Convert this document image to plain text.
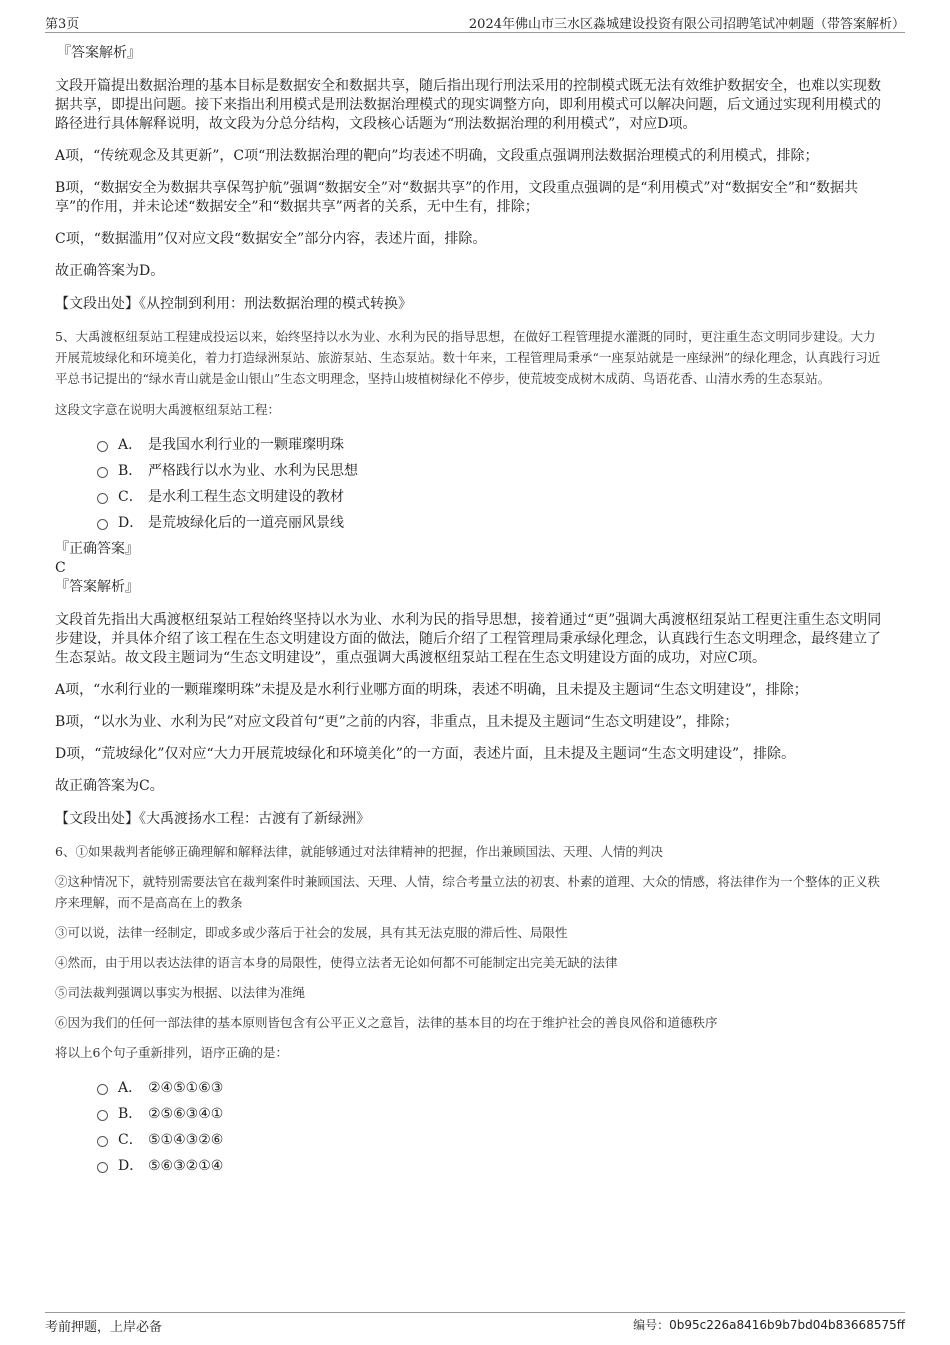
第3页	2024年佛山市三水区淼城建设投资有限公司招聘笔试冲刺题（带答案解析）

『答案解析』

文段开篇提出数据治理的基本目标是数据安全和数据共享，随后指出现行刑法采用的控制模式既无法有效维护数据安全，也难以实现数据共享，即提出问题。接下来指出利用模式是刑法数据治理模式的现实调整方向，即利用模式可以解决问题，后文通过实现利用模式的路径进行具体解释说明，故文段为分总分结构，文段核心话题为“刑法数据治理的利用模式”，对应D项。

A项，“传统观念及其更新”，C项“刑法数据治理的靶向”均表述不明确，文段重点强调刑法数据治理模式的利用模式，排除；

B项，“数据安全为数据共享保驾护航”强调“数据安全”对“数据共享”的作用，文段重点强调的是“利用模式”对“数据安全”和“数据共享”的作用，并未论述“数据安全”和“数据共享”两者的关系，无中生有，排除；

C项，“数据滥用”仅对应文段“数据安全”部分内容，表述片面，排除。

故正确答案为D。

【文段出处】《从控制到利用：刑法数据治理的模式转换》

5、大禹渡枢纽泵站工程建成投运以来，始终坚持以水为业、水利为民的指导思想，在做好工程管理提水灌溉的同时，更注重生态文明同步建设。大力开展荒坡绿化和环境美化，着力打造绿洲泵站、旅游泵站、生态泵站。数十年来，工程管理局秉承“一座泵站就是一座绿洲”的绿化理念，认真践行习近平总书记提出的“绿水青山就是金山银山”生态文明理念，坚持山坡植树绿化不停步，使荒坡变成树木成荫、鸟语花香、山清水秀的生态泵站。

这段文字意在说明大禹渡枢纽泵站工程：

A． 是我国水利行业的一颗璀璨明珠
B． 严格践行以水为业、水利为民思想
C． 是水利工程生态文明建设的教材
D． 是荒坡绿化后的一道亮丽风景线

『正确答案』

C

『答案解析』

文段首先指出大禹渡枢纽泵站工程始终坚持以水为业、水利为民的指导思想，接着通过“更”强调大禹渡枢纽泵站工程更注重生态文明同步建设，并具体介绍了该工程在生态文明建设方面的做法，随后介绍了工程管理局秉承绿化理念，认真践行生态文明理念，最终建立了生态泵站。故文段主题词为“生态文明建设”，重点强调大禹渡枢纽泵站工程在生态文明建设方面的成功，对应C项。

A项，“水利行业的一颗璀璨明珠”未提及是水利行业哪方面的明珠，表述不明确，且未提及主题词“生态文明建设”，排除；

B项，“以水为业、水利为民”对应文段首句“更”之前的内容，非重点，且未提及主题词“生态文明建设”，排除；

D项，“荒坡绿化”仅对应“大力开展荒坡绿化和环境美化”的一方面，表述片面，且未提及主题词“生态文明建设”，排除。

故正确答案为C。

【文段出处】《大禹渡扬水工程：古渡有了新绿洲》

6、①如果裁判者能够正确理解和解释法律，就能够通过对法律精神的把握，作出兼顾国法、天理、人情的判决

②这种情况下，就特别需要法官在裁判案件时兼顾国法、天理、人情，综合考量立法的初衷、朴素的道理、大众的情感，将法律作为一个整体的正义秩序来理解，而不是高高在上的教条

③可以说，法律一经制定，即或多或少落后于社会的发展，具有其无法克服的滞后性、局限性

④然而，由于用以表达法律的语言本身的局限性，使得立法者无论如何都不可能制定出完美无缺的法律

⑤司法裁判强调以事实为根据、以法律为准绳

⑥因为我们的任何一部法律的基本原则皆包含有公平正义之意旨，法律的基本目的均在于维护社会的善良风俗和道德秩序

将以上6个句子重新排列，语序正确的是：

A． ②④⑤①⑥③
B． ②⑤⑥③④①
C． ⑤①④③②⑥
D． ⑤⑥③②①④
考前押题，上岸必备	编号：0b95c226a8416b9b7bd04b83668575ff
